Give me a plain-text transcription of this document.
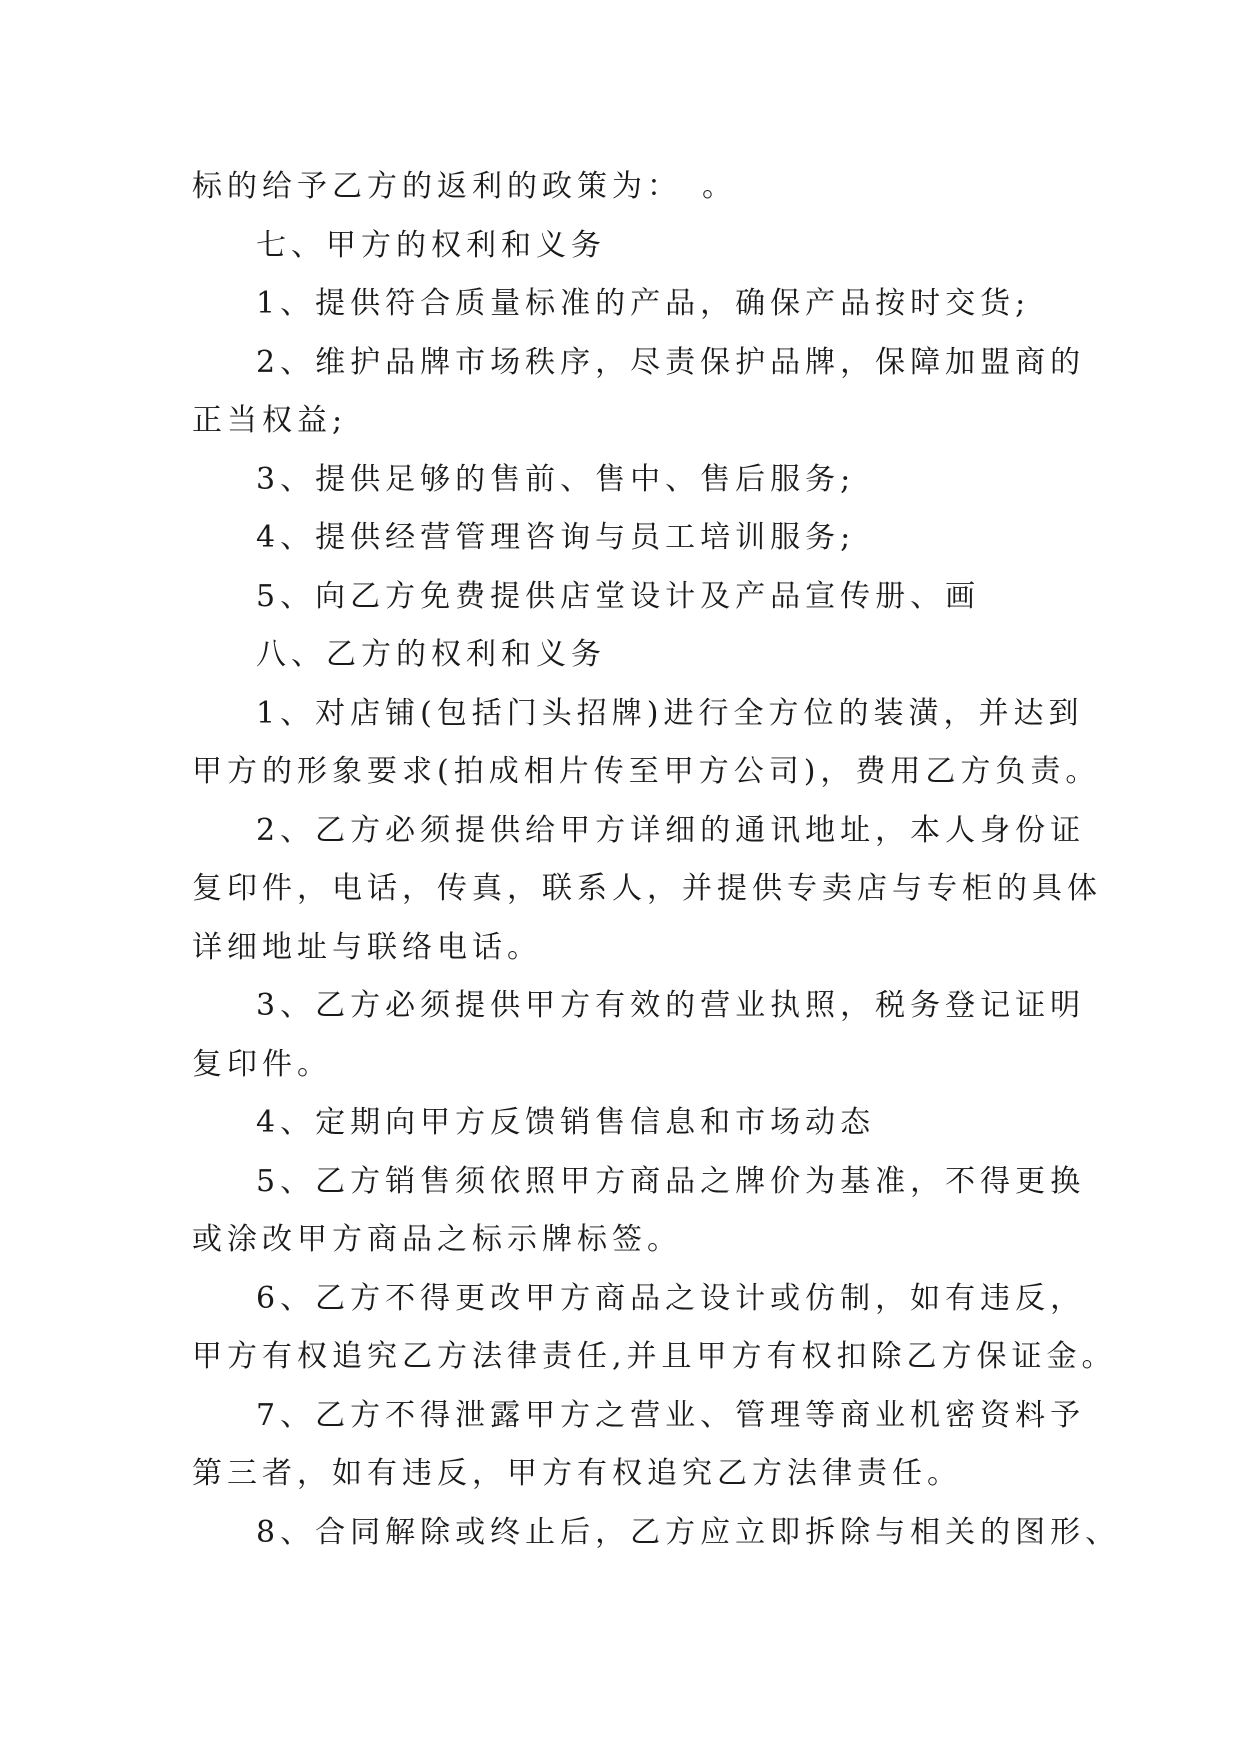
标的给予乙方的返利的政策为：　。
七、甲方的权利和义务
1、提供符合质量标准的产品，确保产品按时交货;
2、维护品牌市场秩序，尽责保护品牌，保障加盟商的
正当权益;
3、提供足够的售前、售中、售后服务;
4、提供经营管理咨询与员工培训服务;
5、向乙方免费提供店堂设计及产品宣传册、画
八、乙方的权利和义务
1、对店铺(包括门头招牌)进行全方位的装潢，并达到
甲方的形象要求(拍成相片传至甲方公司)，费用乙方负责。
2、乙方必须提供给甲方详细的通讯地址，本人身份证
复印件，电话，传真，联系人，并提供专卖店与专柜的具体
详细地址与联络电话。
3、乙方必须提供甲方有效的营业执照，税务登记证明
复印件。
4、定期向甲方反馈销售信息和市场动态
5、乙方销售须依照甲方商品之牌价为基准，不得更换
或涂改甲方商品之标示牌标签。
6、乙方不得更改甲方商品之设计或仿制，如有违反，
甲方有权追究乙方法律责任,并且甲方有权扣除乙方保证金。
7、乙方不得泄露甲方之营业、管理等商业机密资料予
第三者，如有违反，甲方有权追究乙方法律责任。
8、合同解除或终止后，乙方应立即拆除与相关的图形、
